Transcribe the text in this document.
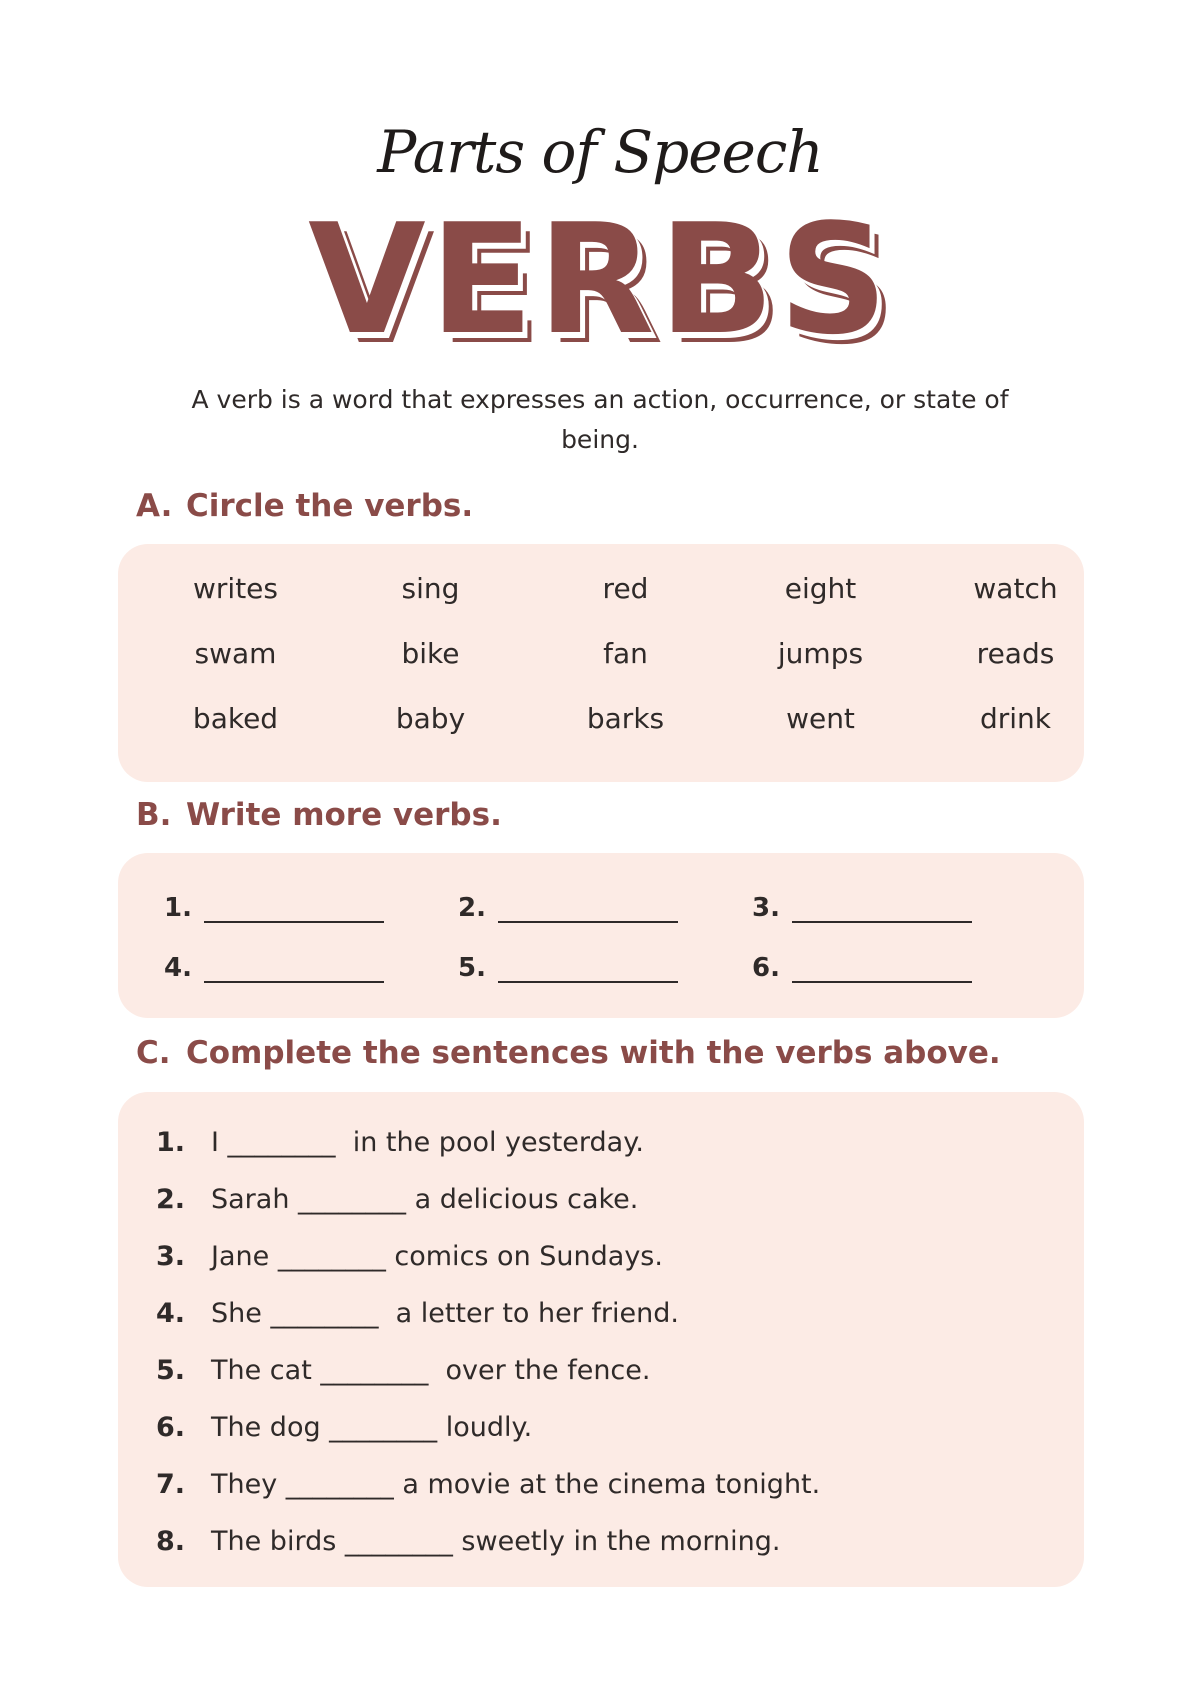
Parts of Speech
VERBS
A verb is a word that expresses an action, occurrence, or state of being.
A. Circle the verbs.
writes	sing	red	eight	watch
swam	bike	fan	jumps	reads
baked	baby	barks	went	drink
B. Write more verbs.
1.	2.	3.
4.	5.	6.
C. Complete the sentences with the verbs above.
1. I ________  in the pool yesterday.
2. Sarah ________ a delicious cake.
3. Jane ________ comics on Sundays.
4. She ________  a letter to her friend.
5. The cat ________  over the fence.
6. The dog ________ loudly.
7. They ________ a movie at the cinema tonight.
8. The birds ________ sweetly in the morning.
